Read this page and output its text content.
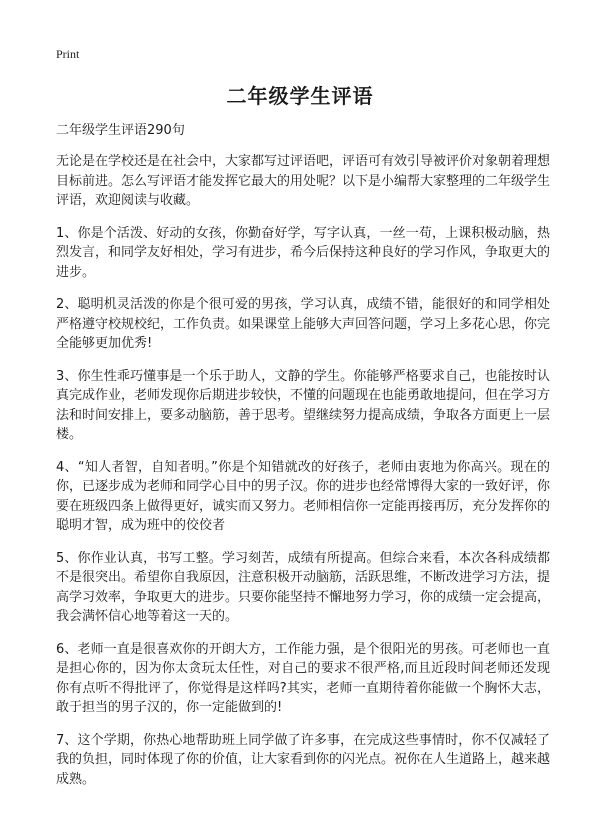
Print
二年级学生评语

二年级学生评语290句

无论是在学校还是在社会中，大家都写过评语吧，评语可有效引导被评价对象朝着理想目标前进。怎么写评语才能发挥它最大的用处呢？以下是小编帮大家整理的二年级学生评语，欢迎阅读与收藏。

1、你是个活泼、好动的女孩，你勤奋好学，写字认真，一丝一苟，上课积极动脑，热烈发言，和同学友好相处，学习有进步，希今后保持这种良好的学习作风，争取更大的进步。

2、聪明机灵活泼的你是个很可爱的男孩，学习认真，成绩不错，能很好的和同学相处严格遵守校规校纪，工作负责。如果课堂上能够大声回答问题，学习上多花心思，你完全能够更加优秀!

3、你生性乖巧懂事是一个乐于助人，文静的学生。你能够严格要求自己，也能按时认真完成作业，老师发现你后期进步较快，不懂的问题现在也能勇敢地提问，但在学习方法和时间安排上，要多动脑筋，善于思考。望继续努力提高成绩，争取各方面更上一层楼。

4、“知人者智，自知者明。”你是个知错就改的好孩子，老师由衷地为你高兴。现在的你，已逐步成为老师和同学心目中的男子汉。你的进步也经常博得大家的一致好评，你要在班级四条上做得更好，诚实而又努力。老师相信你一定能再接再厉，充分发挥你的聪明才智，成为班中的佼佼者

5、你作业认真，书写工整。学习刻苦，成绩有所提高。但综合来看，本次各科成绩都不是很突出。希望你自我原因，注意积极开动脑筋，活跃思维，不断改进学习方法，提高学习效率，争取更大的进步。只要你能坚持不懈地努力学习，你的成绩一定会提高，我会满怀信心地等着这一天的。

6、老师一直是很喜欢你的开朗大方，工作能力强，是个很阳光的男孩。可老师也一直是担心你的，因为你太贪玩太任性，对自己的要求不很严格,而且近段时间老师还发现你有点听不得批评了，你觉得是这样吗?其实，老师一直期待着你能做一个胸怀大志，敢于担当的男子汉的，你一定能做到的!

7、这个学期，你热心地帮助班上同学做了许多事，在完成这些事情时，你不仅减轻了我的负担，同时体现了你的价值，让大家看到你的闪光点。祝你在人生道路上，越来越成熟。
